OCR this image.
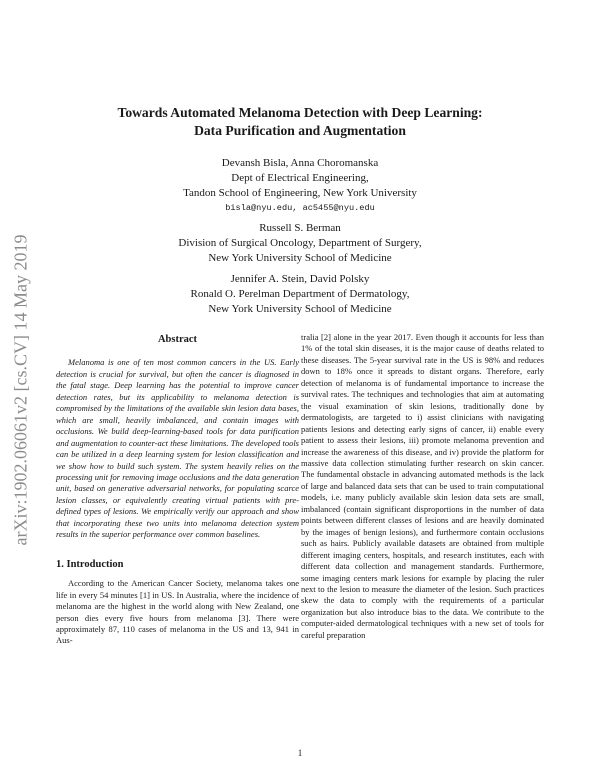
arXiv:1902.06061v2 [cs.CV] 14 May 2019
Towards Automated Melanoma Detection with Deep Learning:
Data Purification and Augmentation
Devansh Bisla, Anna Choromanska
Dept of Electrical Engineering,
Tandon School of Engineering, New York University
bisla@nyu.edu, ac5455@nyu.edu
Russell S. Berman
Division of Surgical Oncology, Department of Surgery,
New York University School of Medicine
Jennifer A. Stein, David Polsky
Ronald O. Perelman Department of Dermatology,
New York University School of Medicine
Abstract

Melanoma is one of ten most common cancers in the US. Early detection is crucial for survival, but often the cancer is diagnosed in the fatal stage. Deep learning has the potential to improve cancer detection rates, but its applicability to melanoma detection is compromised by the limitations of the available skin lesion data bases, which are small, heavily imbalanced, and contain images with occlusions. We build deep-learning-based tools for data purification and augmentation to counter-act these limitations. The developed tools can be utilized in a deep learning system for lesion classification and we show how to build such system. The system heavily relies on the processing unit for removing image occlusions and the data generation unit, based on generative adversarial networks, for populating scarce lesion classes, or equivalently creating virtual patients with pre-defined types of lesions. We empirically verify our approach and show that incorporating these two units into melanoma detection system results in the superior performance over common baselines.

1. Introduction

According to the American Cancer Society, melanoma takes one life in every 54 minutes [1] in US. In Australia, where the incidence of melanoma are the highest in the world along with New Zealand, one person dies every five hours from melanoma [3]. There were approximately 87, 110 cases of melanoma in the US and 13, 941 in Aus-

tralia [2] alone in the year 2017. Even though it accounts for less than 1% of the total skin diseases, it is the major cause of deaths related to these diseases. The 5-year survival rate in the US is 98% and reduces down to 18% once it spreads to distant organs. Therefore, early detection of melanoma is of fundamental importance to increase the survival rates. The techniques and technologies that aim at automating the visual examination of skin lesions, traditionally done by dermatologists, are targeted to i) assist clinicians with navigating patients lesions and detecting early signs of cancer, ii) enable every patient to assess their lesions, iii) promote melanoma prevention and increase the awareness of this disease, and iv) provide the platform for massive data collection stimulating further research on skin cancer. The fundamental obstacle in advancing automated methods is the lack of large and balanced data sets that can be used to train computational models, i.e. many publicly available skin lesion data sets are small, imbalanced (contain significant disproportions in the number of data points between different classes of lesions and are heavily dominated by the images of benign lesions), and furthermore contain occlusions such as hairs. Publicly available datasets are obtained from multiple different imaging centers, hospitals, and research institutes, each with different data collection and management standards. Furthermore, some imaging centers mark lesions for example by placing the ruler next to the lesion to measure the diameter of the lesion. Such practices skew the data to comply with the requirements of a particular organization but also introduce bias to the data. We contribute to the computer-aided dermatological techniques with a new set of tools for careful preparation

1
